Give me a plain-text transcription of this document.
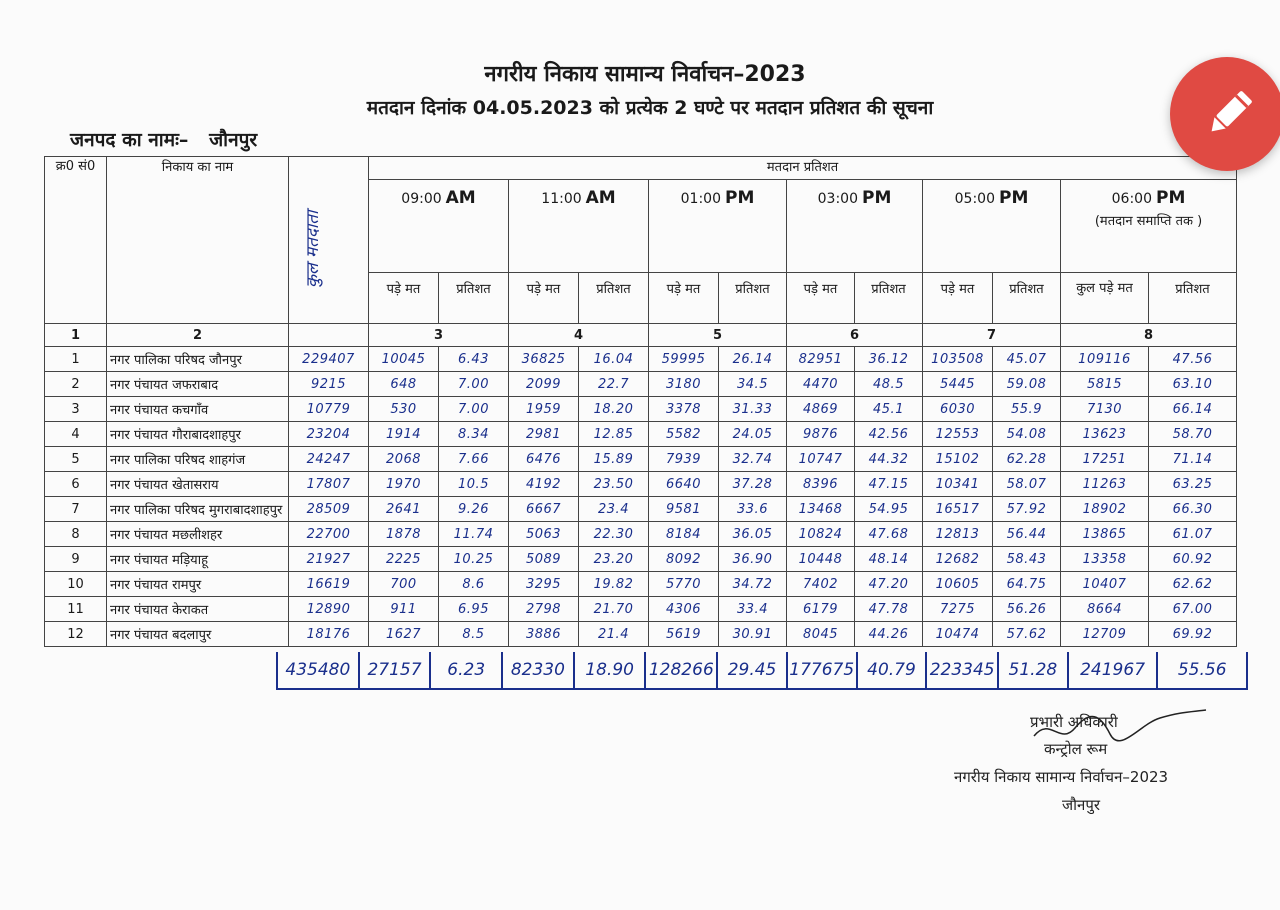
नगरीय निकाय सामान्य निर्वाचन–2023
मतदान दिनांक 04.05.2023 को प्रत्येक 2 घण्टे पर मतदान प्रतिशत की सूचना
जनपद का नामः– जौनपुर
क्र0 सं0	निकाय का नाम		मतदान प्रतिशत											
			09:00 AM		11:00 AM		01:00 PM		03:00 PM		05:00 PM		06:00 PM
(मतदान समाप्ति तक )	
			पड़े मत	प्रतिशत	पड़े मत	प्रतिशत	पड़े मत	प्रतिशत	पड़े मत	प्रतिशत	पड़े मत	प्रतिशत	कुल पड़े मत	प्रतिशत
1	2		3		4		5		6		7		8	
1	नगर पालिका परिषद जौनपुर	229407	10045	6.43	36825	16.04	59995	26.14	82951	36.12	103508	45.07	109116	47.56
2	नगर पंचायत जफराबाद	9215	648	7.00	2099	22.7	3180	34.5	4470	48.5	5445	59.08	5815	63.10
3	नगर पंचायत कचगाँव	10779	530	7.00	1959	18.20	3378	31.33	4869	45.1	6030	55.9	7130	66.14
4	नगर पंचायत गौराबादशाहपुर	23204	1914	8.34	2981	12.85	5582	24.05	9876	42.56	12553	54.08	13623	58.70
5	नगर पालिका परिषद शाहगंज	24247	2068	7.66	6476	15.89	7939	32.74	10747	44.32	15102	62.28	17251	71.14
6	नगर पंचायत खेतासराय	17807	1970	10.5	4192	23.50	6640	37.28	8396	47.15	10341	58.07	11263	63.25
7	नगर पालिका परिषद मुगराबादशाहपुर	28509	2641	9.26	6667	23.4	9581	33.6	13468	54.95	16517	57.92	18902	66.30
8	नगर पंचायत मछलीशहर	22700	1878	11.74	5063	22.30	8184	36.05	10824	47.68	12813	56.44	13865	61.07
9	नगर पंचायत मड़ियाहू	21927	2225	10.25	5089	23.20	8092	36.90	10448	48.14	12682	58.43	13358	60.92
10	नगर पंचायत रामपुर	16619	700	8.6	3295	19.82	5770	34.72	7402	47.20	10605	64.75	10407	62.62
11	नगर पंचायत केराकत	12890	911	6.95	2798	21.70	4306	33.4	6179	47.78	7275	56.26	8664	67.00
12	नगर पंचायत बदलापुर	18176	1627	8.5	3886	21.4	5619	30.91	8045	44.26	10474	57.62	12709	69.92
कुल मतदाता
435480	27157	6.23	82330	18.90 128266 29.45 177675 40.79 223345 51.28	241967	55.56
प्रभारी अधिकारी
कन्ट्रोल रूम
नगरीय निकाय सामान्य निर्वाचन–2023
जौनपुर
